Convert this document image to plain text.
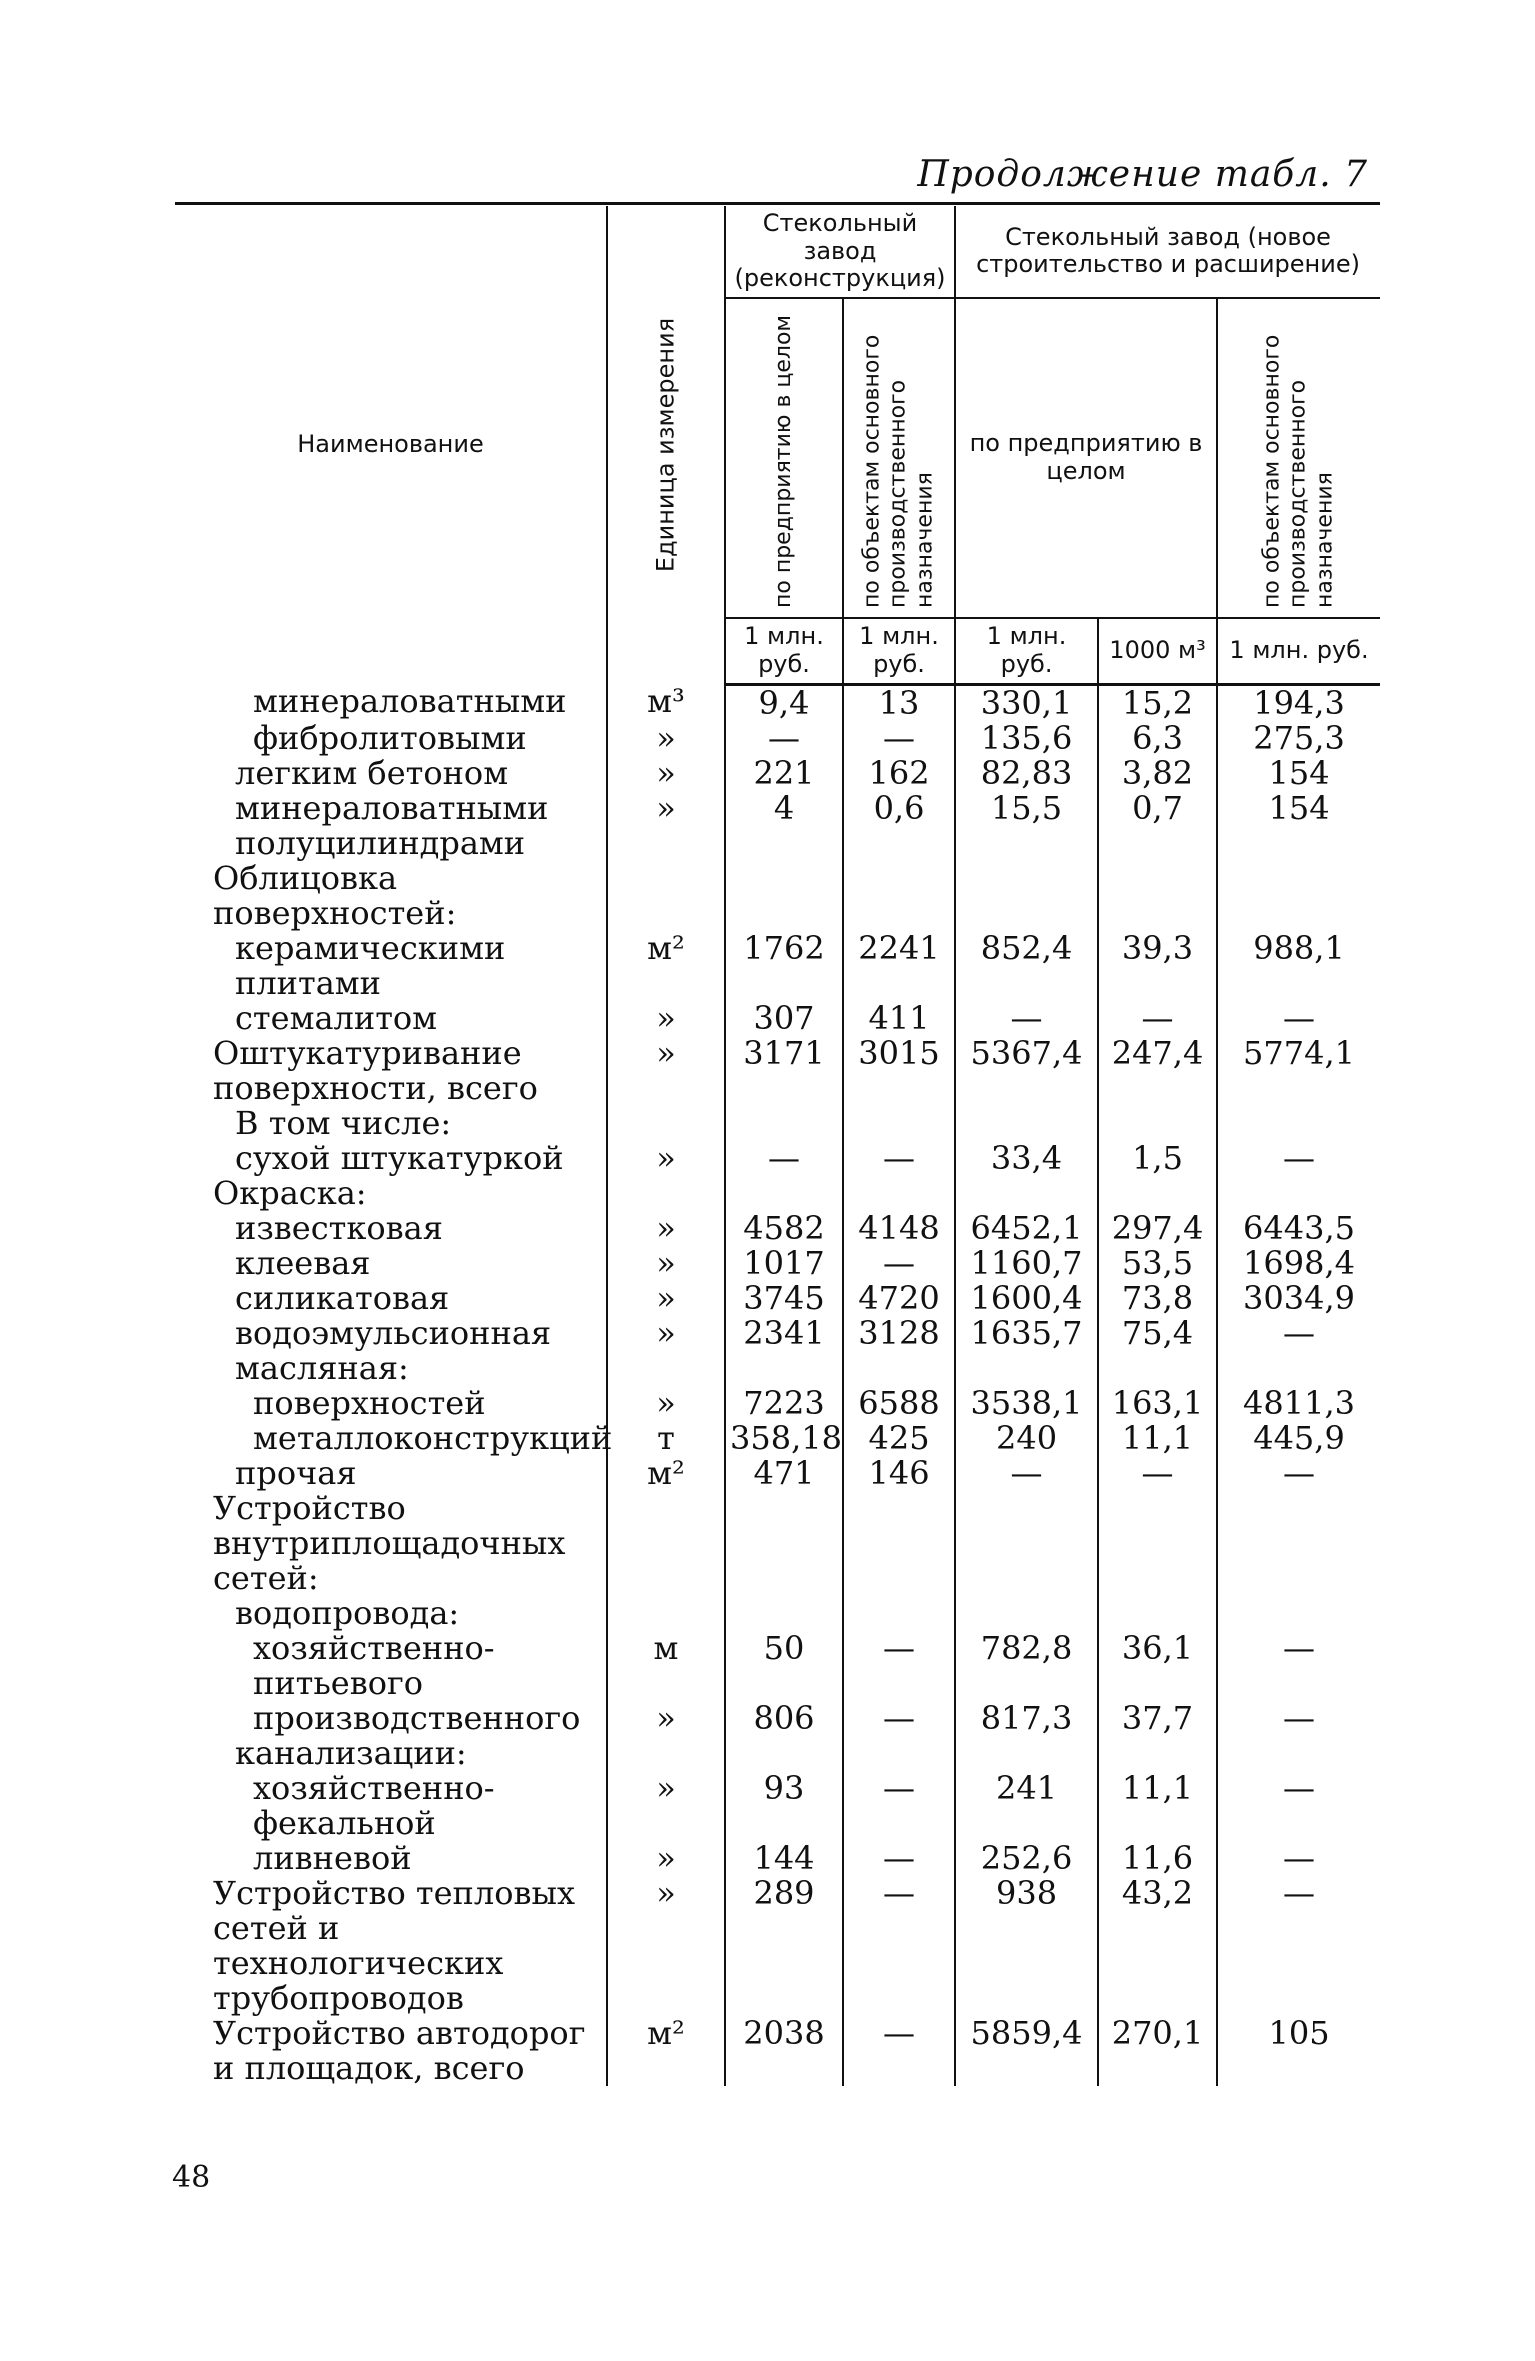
Продолжение табл. 7
Наименование	Единица измерения	Стекольный завод (реконструкция)		Стекольный завод (новое строительство и расширение)		

		по предприятию в целом	по объектам основного производственного назначения	по предприятию в целом		по объектам основного производственного назначения

		1 млн. руб.	1 млн. руб.	1 млн. руб.	1000 м³	1 млн. руб.
минераловатными	м³	9,4	13	330,1	15,2	194,3
фибролитовыми	»	—	—	135,6	6,3	275,3
легким бетоном	»	221	162	82,83	3,82	154
минераловатными полуцилиндрами	»	4	0,6	15,5	0,7	154
Облицовка поверхностей:						
керамическими плитами	м²	1762	2241	852,4	39,3	988,1
стемалитом	»	307	411	—	—	—
Оштукатуривание поверхности, всего	»	3171	3015	5367,4	247,4	5774,1
В том числе:						
сухой штукатуркой	»	—	—	33,4	1,5	—
Окраска:						
известковая	»	4582	4148	6452,1	297,4	6443,5
клеевая	»	1017	—	1160,7	53,5	1698,4
силикатовая	»	3745	4720	1600,4	73,8	3034,9
водоэмульсионная	»	2341	3128	1635,7	75,4	—
масляная:						
поверхностей	»	7223	6588	3538,1	163,1	4811,3
металлоконструкций	т	358,18	425	240	11,1	445,9
прочая	м²	471	146	—	—	—
Устройство внутриплощадочных сетей:						
водопровода:						
хозяйственно-питьевого	м	50	—	782,8	36,1	—
производственного	»	806	—	817,3	37,7	—
канализации:						
хозяйственно-фекальной	»	93	—	241	11,1	—
ливневой	»	144	—	252,6	11,6	—
Устройство тепловых сетей и технологических трубопроводов	»	289	—	938	43,2	—
Устройство автодорог и площадок, всего	м²	2038	—	5859,4	270,1	105
48
